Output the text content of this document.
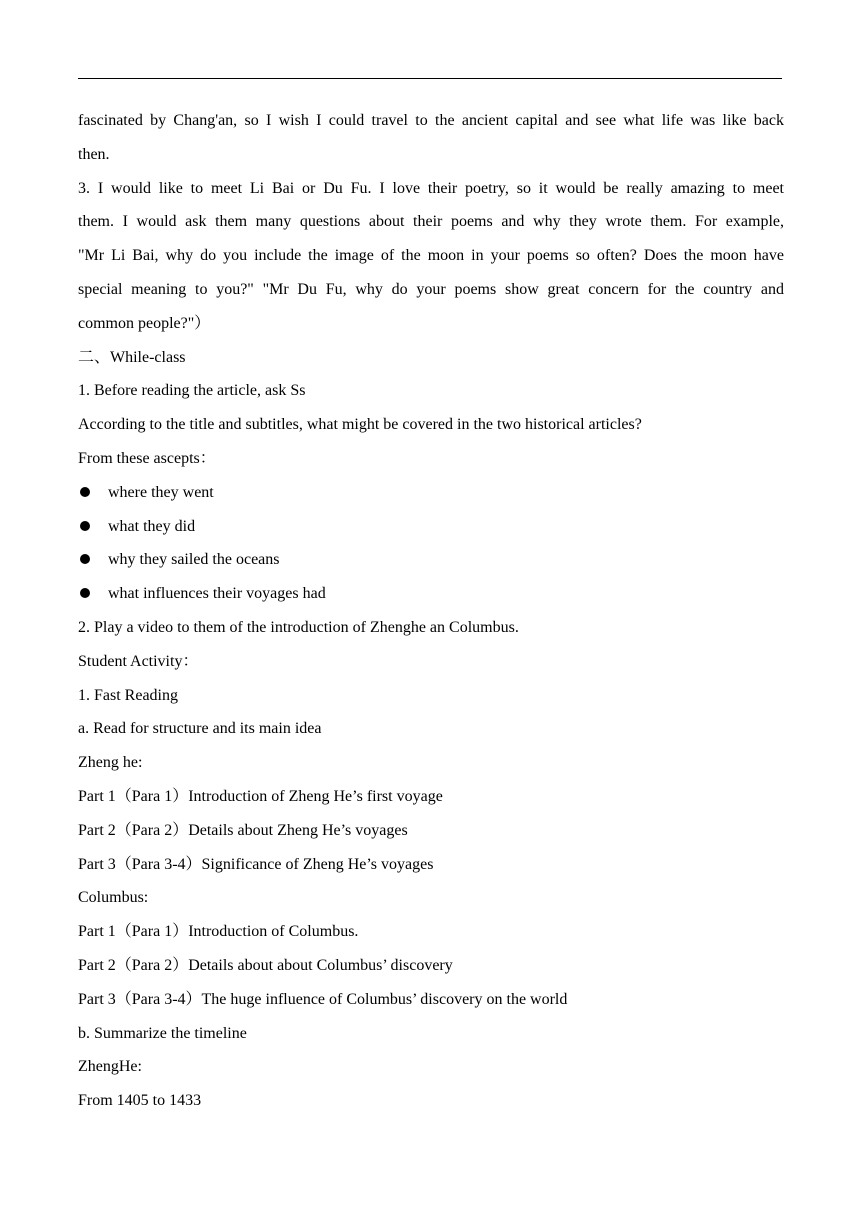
fascinated by Chang'an, so I wish I could travel to the ancient capital and see what life was like back
then.
3. I would like to meet Li Bai or Du Fu. I love their poetry, so it would be really amazing to meet
them. I would ask them many questions about their poems and why they wrote them. For example,
"Mr Li Bai, why do you include the image of the moon in your poems so often? Does the moon have
special meaning to you?" "Mr Du Fu, why do your poems show great concern for the country and
common people?"）
二、While-class
1. Before reading the article, ask Ss
According to the title and subtitles, what might be covered in the two historical articles?
From these ascepts：
where they went
what they did
why they sailed the oceans
what influences their voyages had
2. Play a video to them of the introduction of Zhenghe an Columbus.
Student Activity：
1. Fast Reading
a. Read for structure and its main idea
Zheng he:
Part 1（Para 1）Introduction of Zheng He’s first voyage
Part 2（Para 2）Details about Zheng He’s voyages
Part 3（Para 3-4）Significance of Zheng He’s voyages
Columbus:
Part 1（Para 1）Introduction of Columbus.
Part 2（Para 2）Details about about Columbus’ discovery
Part 3（Para 3-4）The huge influence of Columbus’ discovery on the world
b. Summarize the timeline
ZhengHe:
From 1405 to 1433
